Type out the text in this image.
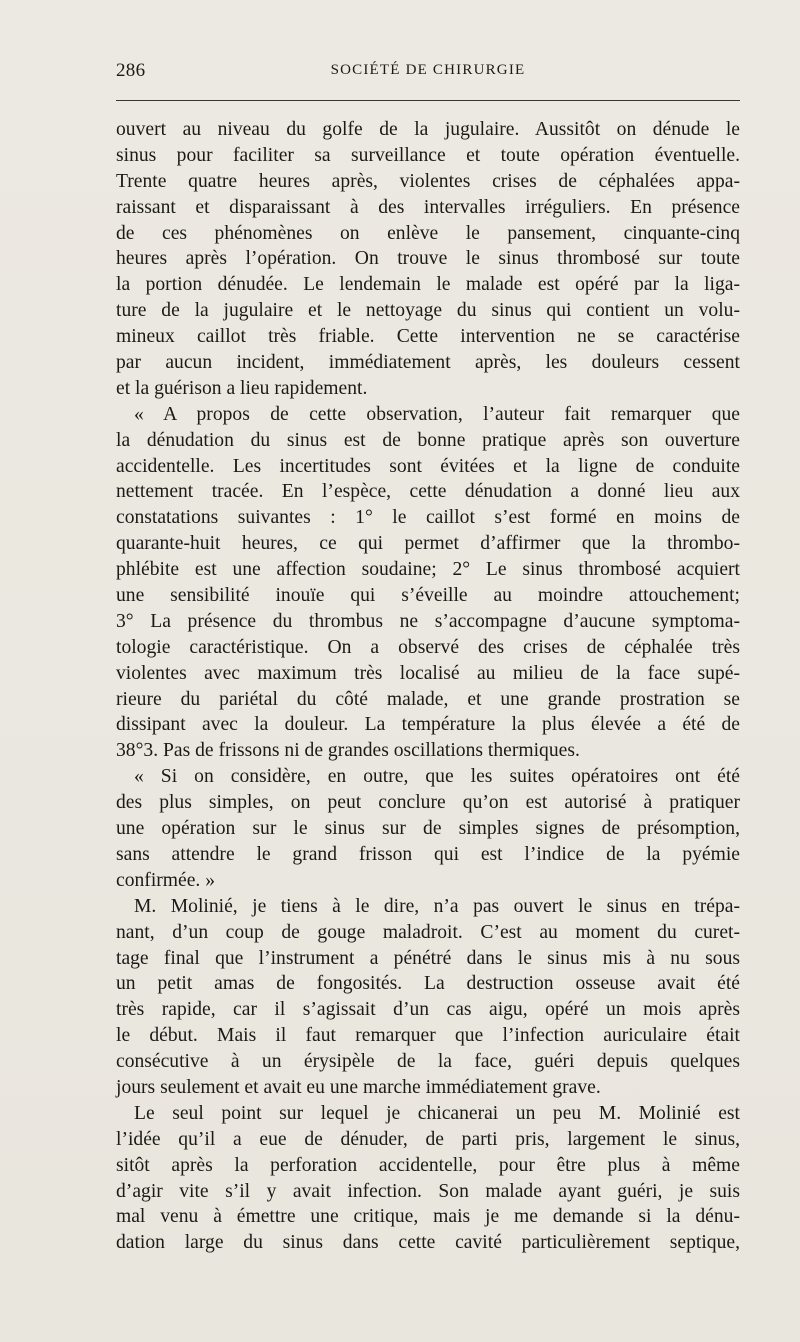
286	SOCIÉTÉ DE CHIRURGIE
ouvert au niveau du golfe de la jugulaire. Aussitôt on dénude le
sinus pour faciliter sa surveillance et toute opération éventuelle.
Trente quatre heures après, violentes crises de céphalées appa-
raissant et disparaissant à des intervalles irréguliers. En présence
de ces phénomènes on enlève le pansement, cinquante-cinq
heures après l’opération. On trouve le sinus thrombosé sur toute
la portion dénudée. Le lendemain le malade est opéré par la liga-
ture de la jugulaire et le nettoyage du sinus qui contient un volu-
mineux caillot très friable. Cette intervention ne se caractérise
par aucun incident, immédiatement après, les douleurs cessent
et la guérison a lieu rapidement.
« A propos de cette observation, l’auteur fait remarquer que
la dénudation du sinus est de bonne pratique après son ouverture
accidentelle. Les incertitudes sont évitées et la ligne de conduite
nettement tracée. En l’espèce, cette dénudation a donné lieu aux
constatations suivantes : 1° le caillot s’est formé en moins de
quarante-huit heures, ce qui permet d’affirmer que la thrombo-
phlébite est une affection soudaine; 2° Le sinus thrombosé acquiert
une sensibilité inouïe qui s’éveille au moindre attouchement;
3° La présence du thrombus ne s’accompagne d’aucune symptoma-
tologie caractéristique. On a observé des crises de céphalée très
violentes avec maximum très localisé au milieu de la face supé-
rieure du pariétal du côté malade, et une grande prostration se
dissipant avec la douleur. La température la plus élevée a été de
38°3. Pas de frissons ni de grandes oscillations thermiques.
« Si on considère, en outre, que les suites opératoires ont été
des plus simples, on peut conclure qu’on est autorisé à pratiquer
une opération sur le sinus sur de simples signes de présomption,
sans attendre le grand frisson qui est l’indice de la pyémie
confirmée. »
M. Molinié, je tiens à le dire, n’a pas ouvert le sinus en trépa-
nant, d’un coup de gouge maladroit. C’est au moment du curet-
tage final que l’instrument a pénétré dans le sinus mis à nu sous
un petit amas de fongosités. La destruction osseuse avait été
très rapide, car il s’agissait d’un cas aigu, opéré un mois après
le début. Mais il faut remarquer que l’infection auriculaire était
consécutive à un érysipèle de la face, guéri depuis quelques
jours seulement et avait eu une marche immédiatement grave.
Le seul point sur lequel je chicanerai un peu M. Molinié est
l’idée qu’il a eue de dénuder, de parti pris, largement le sinus,
sitôt après la perforation accidentelle, pour être plus à même
d’agir vite s’il y avait infection. Son malade ayant guéri, je suis
mal venu à émettre une critique, mais je me demande si la dénu-
dation large du sinus dans cette cavité particulièrement septique,
